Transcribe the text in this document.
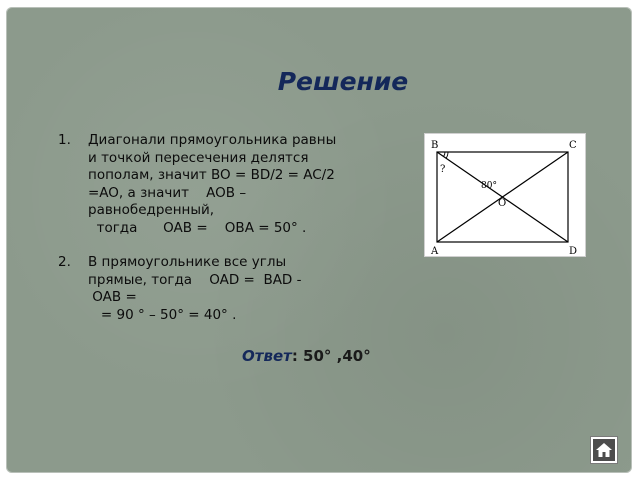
Решение
1. Диагонали прямоугольника равны
и точкой пересечения делятся
пополам, значит BO = BD/2 = AC/2
=AO, а значит    AOB –
равнобедренный,
тогда      OAB =    OBA = 50° .
2. В прямоугольнике все углы
прямые, тогда    OAD =  BAD -
OAB =
= 90 ° – 50° = 40° .
Ответ: 50° ,40°
B	C
A	D
O
80°
?
